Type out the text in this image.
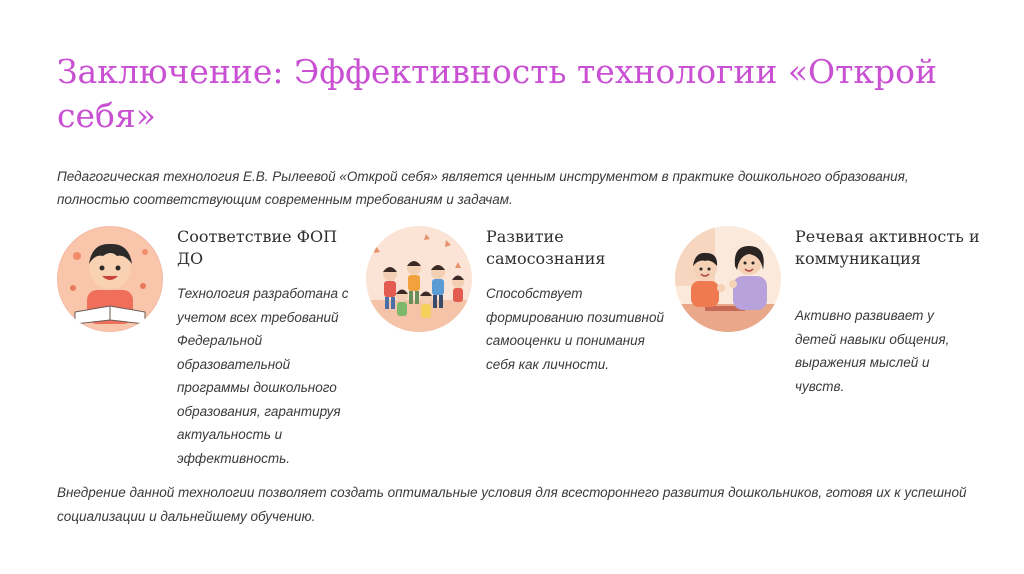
Заключение: Эффективность технологии «Открой себя»
Педагогическая технология Е.В. Рылеевой «Открой себя» является ценным инструментом в практике дошкольного образования, полностью соответствующим современным требованиям и задачам.
Соответствие ФОП ДО
Технология разработана с учетом всех требований Федеральной образовательной программы дошкольного образования, гарантируя актуальность и эффективность.
Развитие самосознания
Способствует формированию позитивной самооценки и понимания себя как личности.
Речевая активность и коммуникация
Активно развивает у детей навыки общения, выражения мыслей и чувств.
Внедрение данной технологии позволяет создать оптимальные условия для всестороннего развития дошкольников, готовя их к успешной социализации и дальнейшему обучению.
